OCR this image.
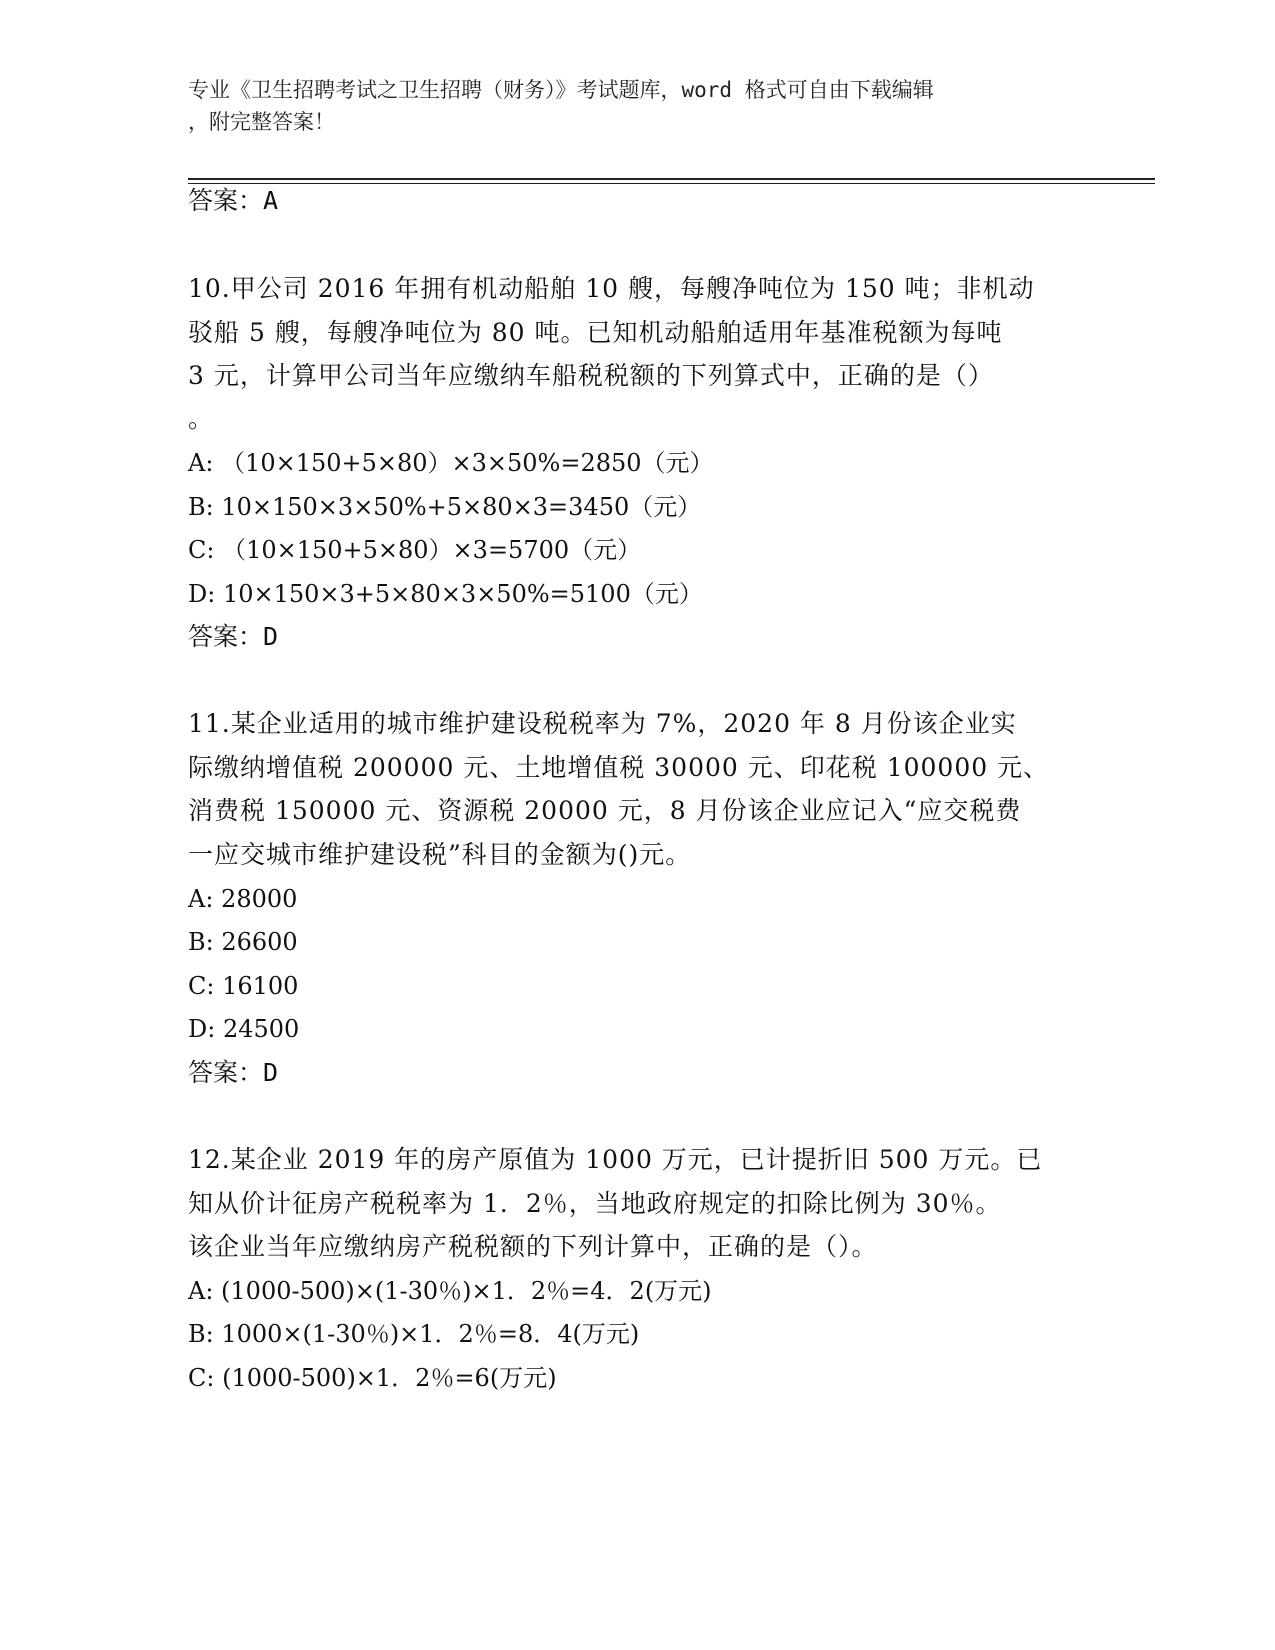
专业《卫生招聘考试之卫生招聘（财务）》考试题库，word 格式可自由下载编辑
，附完整答案！
答案：A
10.甲公司 2016 年拥有机动船舶 10 艘，每艘净吨位为 150 吨；非机动
驳船 5 艘，每艘净吨位为 80 吨。已知机动船舶适用年基准税额为每吨
3 元，计算甲公司当年应缴纳车船税税额的下列算式中，正确的是（）
。
A: （10×150+5×80）×3×50%=2850（元）
B: 10×150×3×50%+5×80×3=3450（元）
C: （10×150+5×80）×3=5700（元）
D: 10×150×3+5×80×3×50%=5100（元）
答案：D
11.某企业适用的城市维护建设税税率为 7%，2020 年 8 月份该企业实
际缴纳增值税 200000 元、土地增值税 30000 元、印花税 100000 元、
消费税 150000 元、资源税 20000 元，8 月份该企业应记入“应交税费
一应交城市维护建设税”科目的金额为()元。
A: 28000
B: 26600
C: 16100
D: 24500
答案：D
12.某企业 2019 年的房产原值为 1000 万元，已计提折旧 500 万元。已
知从价计征房产税税率为 1．2％，当地政府规定的扣除比例为 30％。
该企业当年应缴纳房产税税额的下列计算中，正确的是（）。
A: (1000-500)×(1-30％)×1．2％=4．2(万元)
B: 1000×(1-30％)×1．2％=8．4(万元)
C: (1000-500)×1．2％=6(万元)
